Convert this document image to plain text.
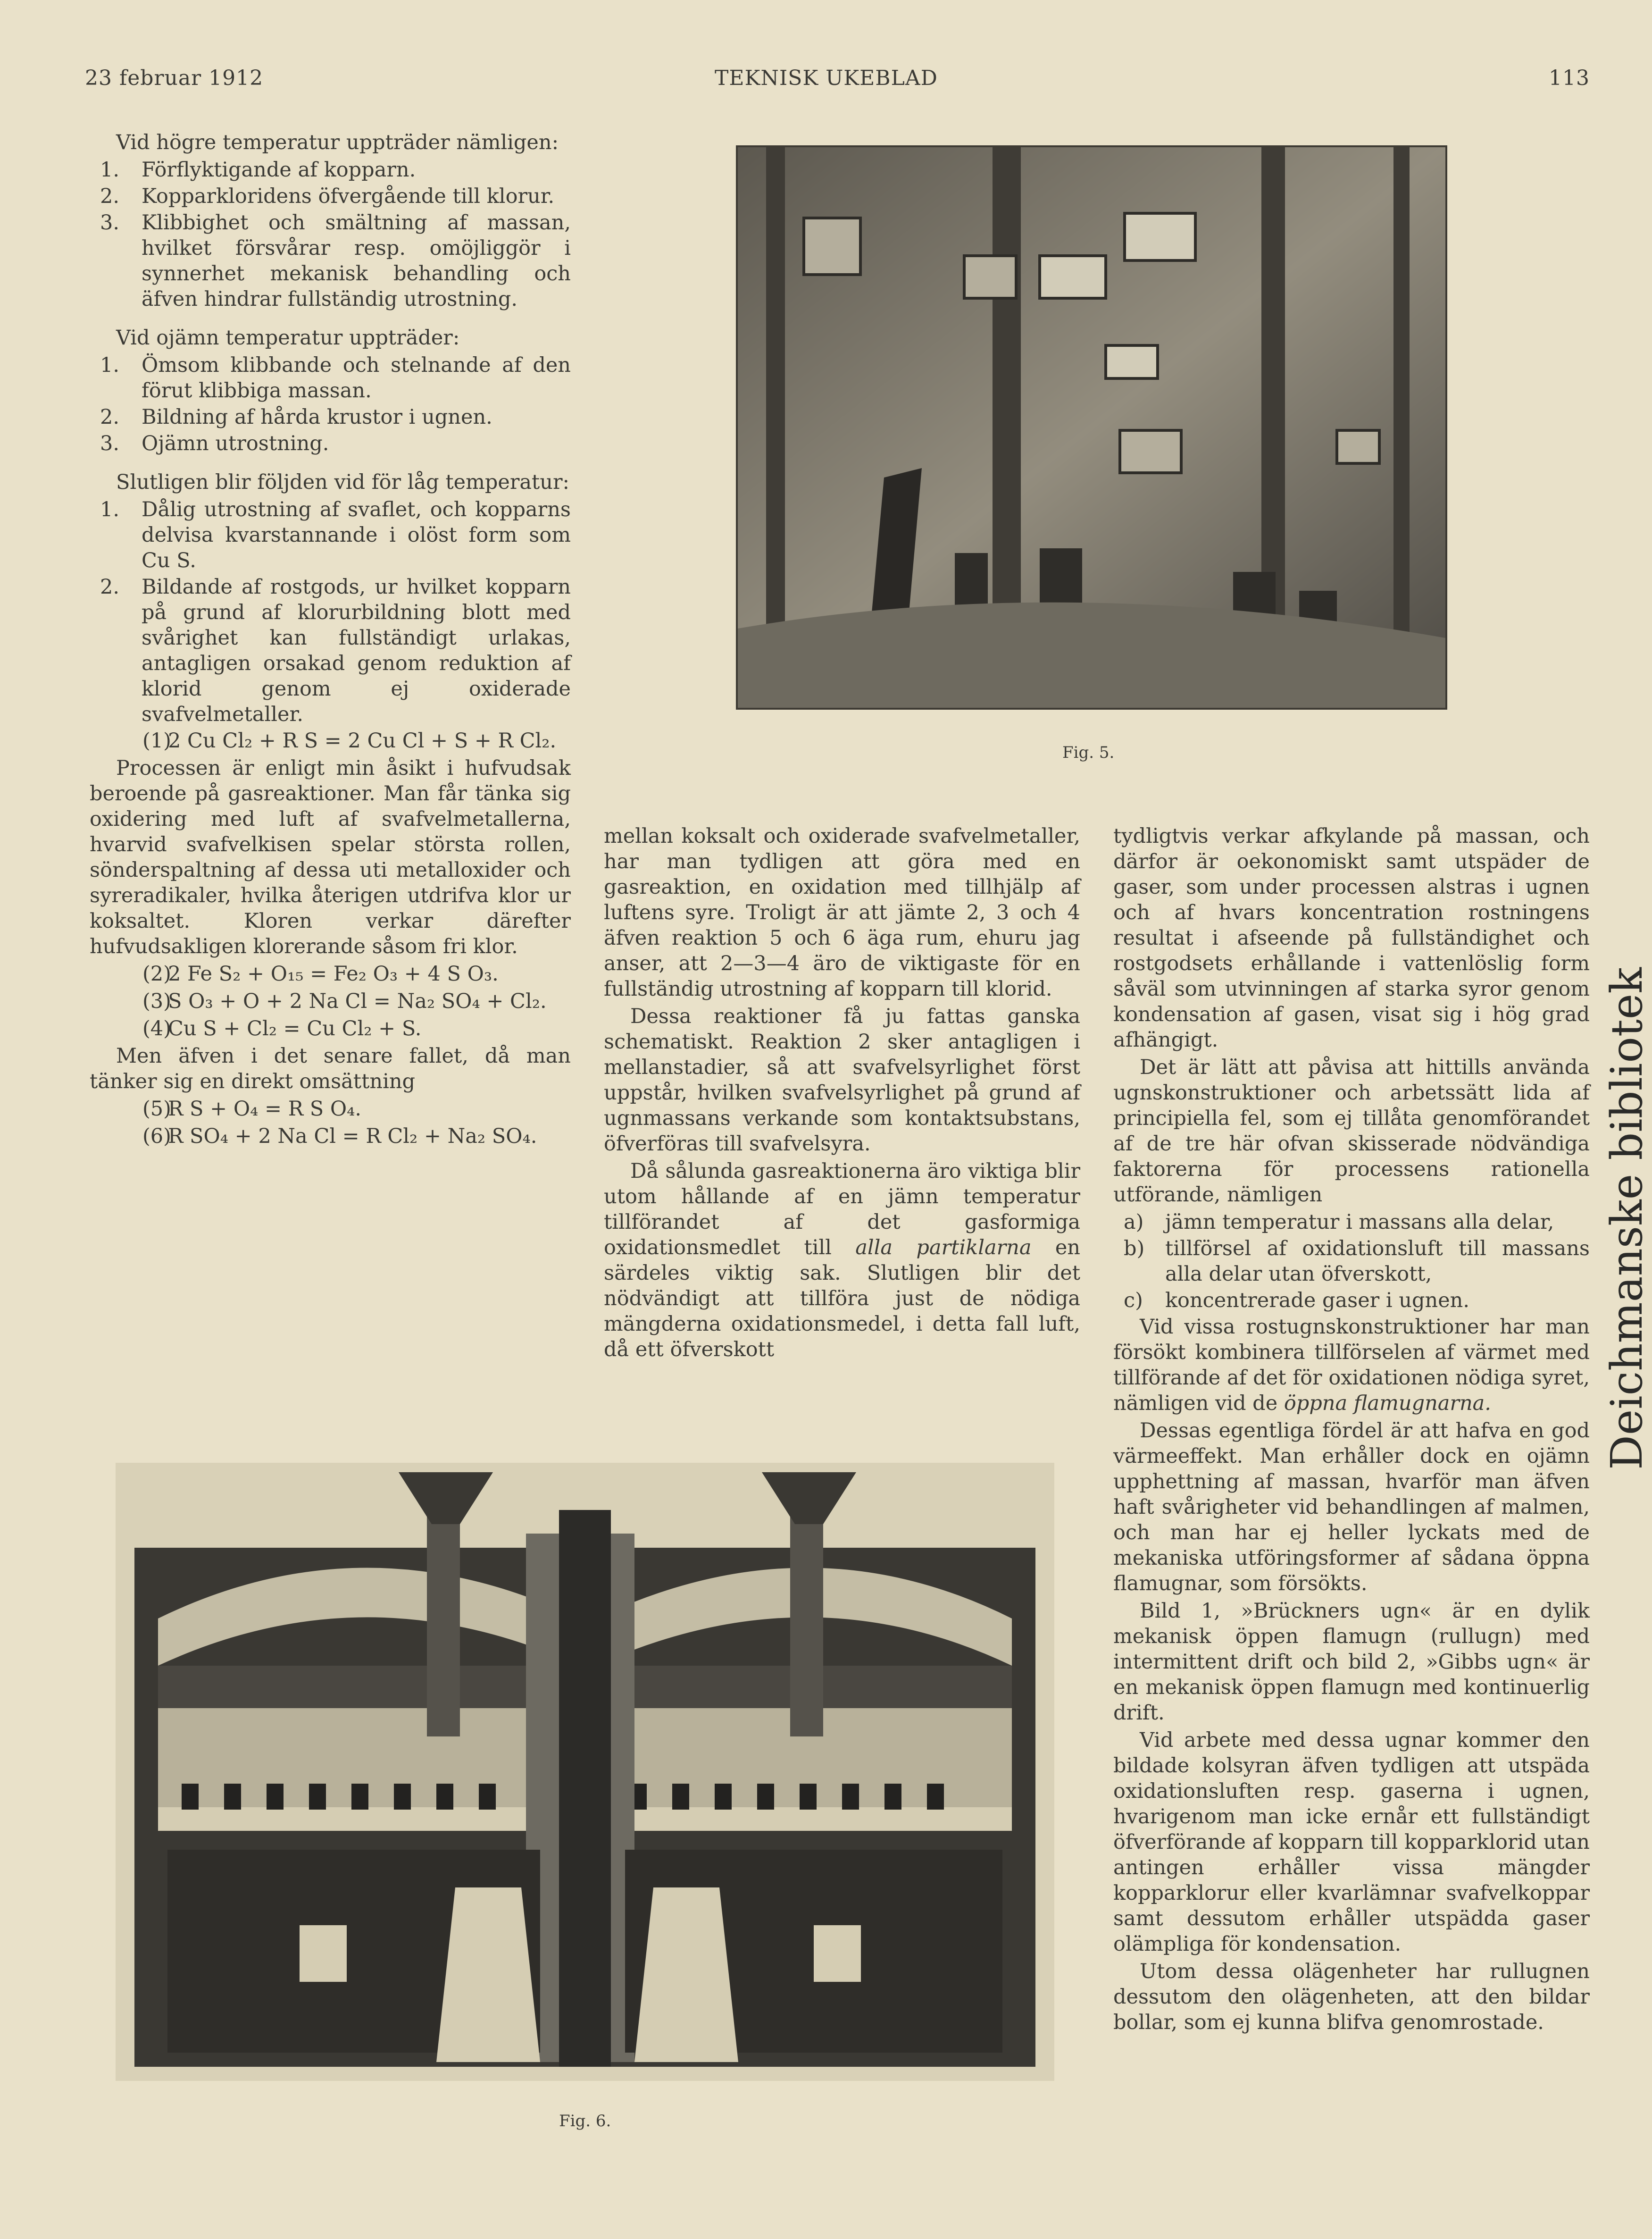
23 februar 1912	TEKNISK UKEBLAD	113

Vid högre temperatur uppträder nämligen:

1. Förflyktigande af kopparn.
2. Kopparkloridens öfvergående till klorur.
3. Klibbighet och smältning af massan, hvilket försvårar resp. omöjliggör i synnerhet mekanisk behandling och äfven hindrar fullständig utrostning.

Vid ojämn temperatur uppträder:

1. Ömsom klibbande och stelnande af den förut klibbiga massan.
2. Bildning af hårda krustor i ugnen.
3. Ojämn utrostning.

Slutligen blir följden vid för låg temperatur:

1. Dålig utrostning af svaflet, och kopparns delvisa kvarstannande i olöst form som Cu S.
2. Bildande af rostgods, ur hvilket kopparn på grund af klorurbildning blott med svårighet kan fullständigt urlakas, antagligen orsakad genom reduktion af klorid genom ej oxiderade svafvelmetaller.

(1)2 Cu Cl₂ + R S = 2 Cu Cl + S + R Cl₂.

Processen är enligt min åsikt i hufvudsak beroende på gasreaktioner. Man får tänka sig oxidering med luft af svafvelmetallerna, hvarvid svafvelkisen spelar största rollen, sönderspaltning af dessa uti metalloxider och syreradikaler, hvilka återigen utdrifva klor ur koksaltet. Kloren verkar därefter hufvudsakligen klorerande såsom fri klor.

(2)2 Fe S₂ + O₁₅ = Fe₂ O₃ + 4 S O₃.

(3)S O₃ + O + 2 Na Cl = Na₂ SO₄ + Cl₂.

(4)Cu S + Cl₂ = Cu Cl₂ + S.

Men äfven i det senare fallet, då man tänker sig en direkt omsättning

(5)R S + O₄ = R S O₄.

(6)R SO₄ + 2 Na Cl = R Cl₂ + Na₂ SO₄.

Fig. 5.

mellan koksalt och oxiderade svafvelmetaller, har man tydligen att göra med en gasreaktion, en oxidation med tillhjälp af luftens syre. Troligt är att jämte 2, 3 och 4 äfven reaktion 5 och 6 äga rum, ehuru jag anser, att 2—3—4 äro de viktigaste för en fullständig utrostning af kopparn till klorid.

Dessa reaktioner få ju fattas ganska schematiskt. Reaktion 2 sker antagligen i mellanstadier, så att svafvelsyrlighet först uppstår, hvilken svafvelsyrlighet på grund af ugnmassans verkande som kontaktsubstans, öfverföras till svafvelsyra.

Då sålunda gasreaktionerna äro viktiga blir utom hållande af en jämn temperatur tillförandet af det gasformiga oxidationsmedlet till alla partiklarna en särdeles viktig sak. Slutligen blir det nödvändigt att tillföra just de nödiga mängderna oxidationsmedel, i detta fall luft, då ett öfverskott

tydligtvis verkar afkylande på massan, och därfor är oekonomiskt samt utspäder de gaser, som under processen alstras i ugnen och af hvars koncentration rostningens resultat i afseende på fullständighet och rostgodsets erhållande i vattenlöslig form såväl som utvinningen af starka syror genom kondensation af gasen, visat sig i hög grad afhängigt.

Det är lätt att påvisa att hittills använda ugnskonstruktioner och arbetssätt lida af principiella fel, som ej tillåta genomförandet af de tre här ofvan skisserade nödvändiga faktorerna för processens rationella utförande, nämligen

a) jämn temperatur i massans alla delar,
b) tillförsel af oxidationsluft till massans alla delar utan öfverskott,
c) koncentrerade gaser i ugnen.

Vid vissa rostugnskonstruktioner har man försökt kombinera tillförselen af värmet med tillförande af det för oxidationen nödiga syret, nämligen vid de öppna flamugnarna.

Dessas egentliga fördel är att hafva en god värmeeffekt. Man erhåller dock en ojämn upphettning af massan, hvarför man äfven haft svårigheter vid behandlingen af malmen, och man har ej heller lyckats med de mekaniska utföringsformer af sådana öppna flamugnar, som försökts.

Bild 1, »Brückners ugn« är en dylik mekanisk öppen flamugn (rullugn) med intermittent drift och bild 2, »Gibbs ugn« är en mekanisk öppen flamugn med kontinuerlig drift.

Vid arbete med dessa ugnar kommer den bildade kolsyran äfven tydligen att utspäda oxidationsluften resp. gaserna i ugnen, hvarigenom man icke ernår ett fullständigt öfverförande af kopparn till kopparklorid utan antingen erhåller vissa mängder kopparklorur eller kvarlämnar svafvelkoppar samt dessutom erhåller utspädda gaser olämpliga för kondensation.

Utom dessa olägenheter har rullugnen dessutom den olägenheten, att den bildar bollar, som ej kunna blifva genomrostade.

Fig. 6.
Deichmanske bibliotek
